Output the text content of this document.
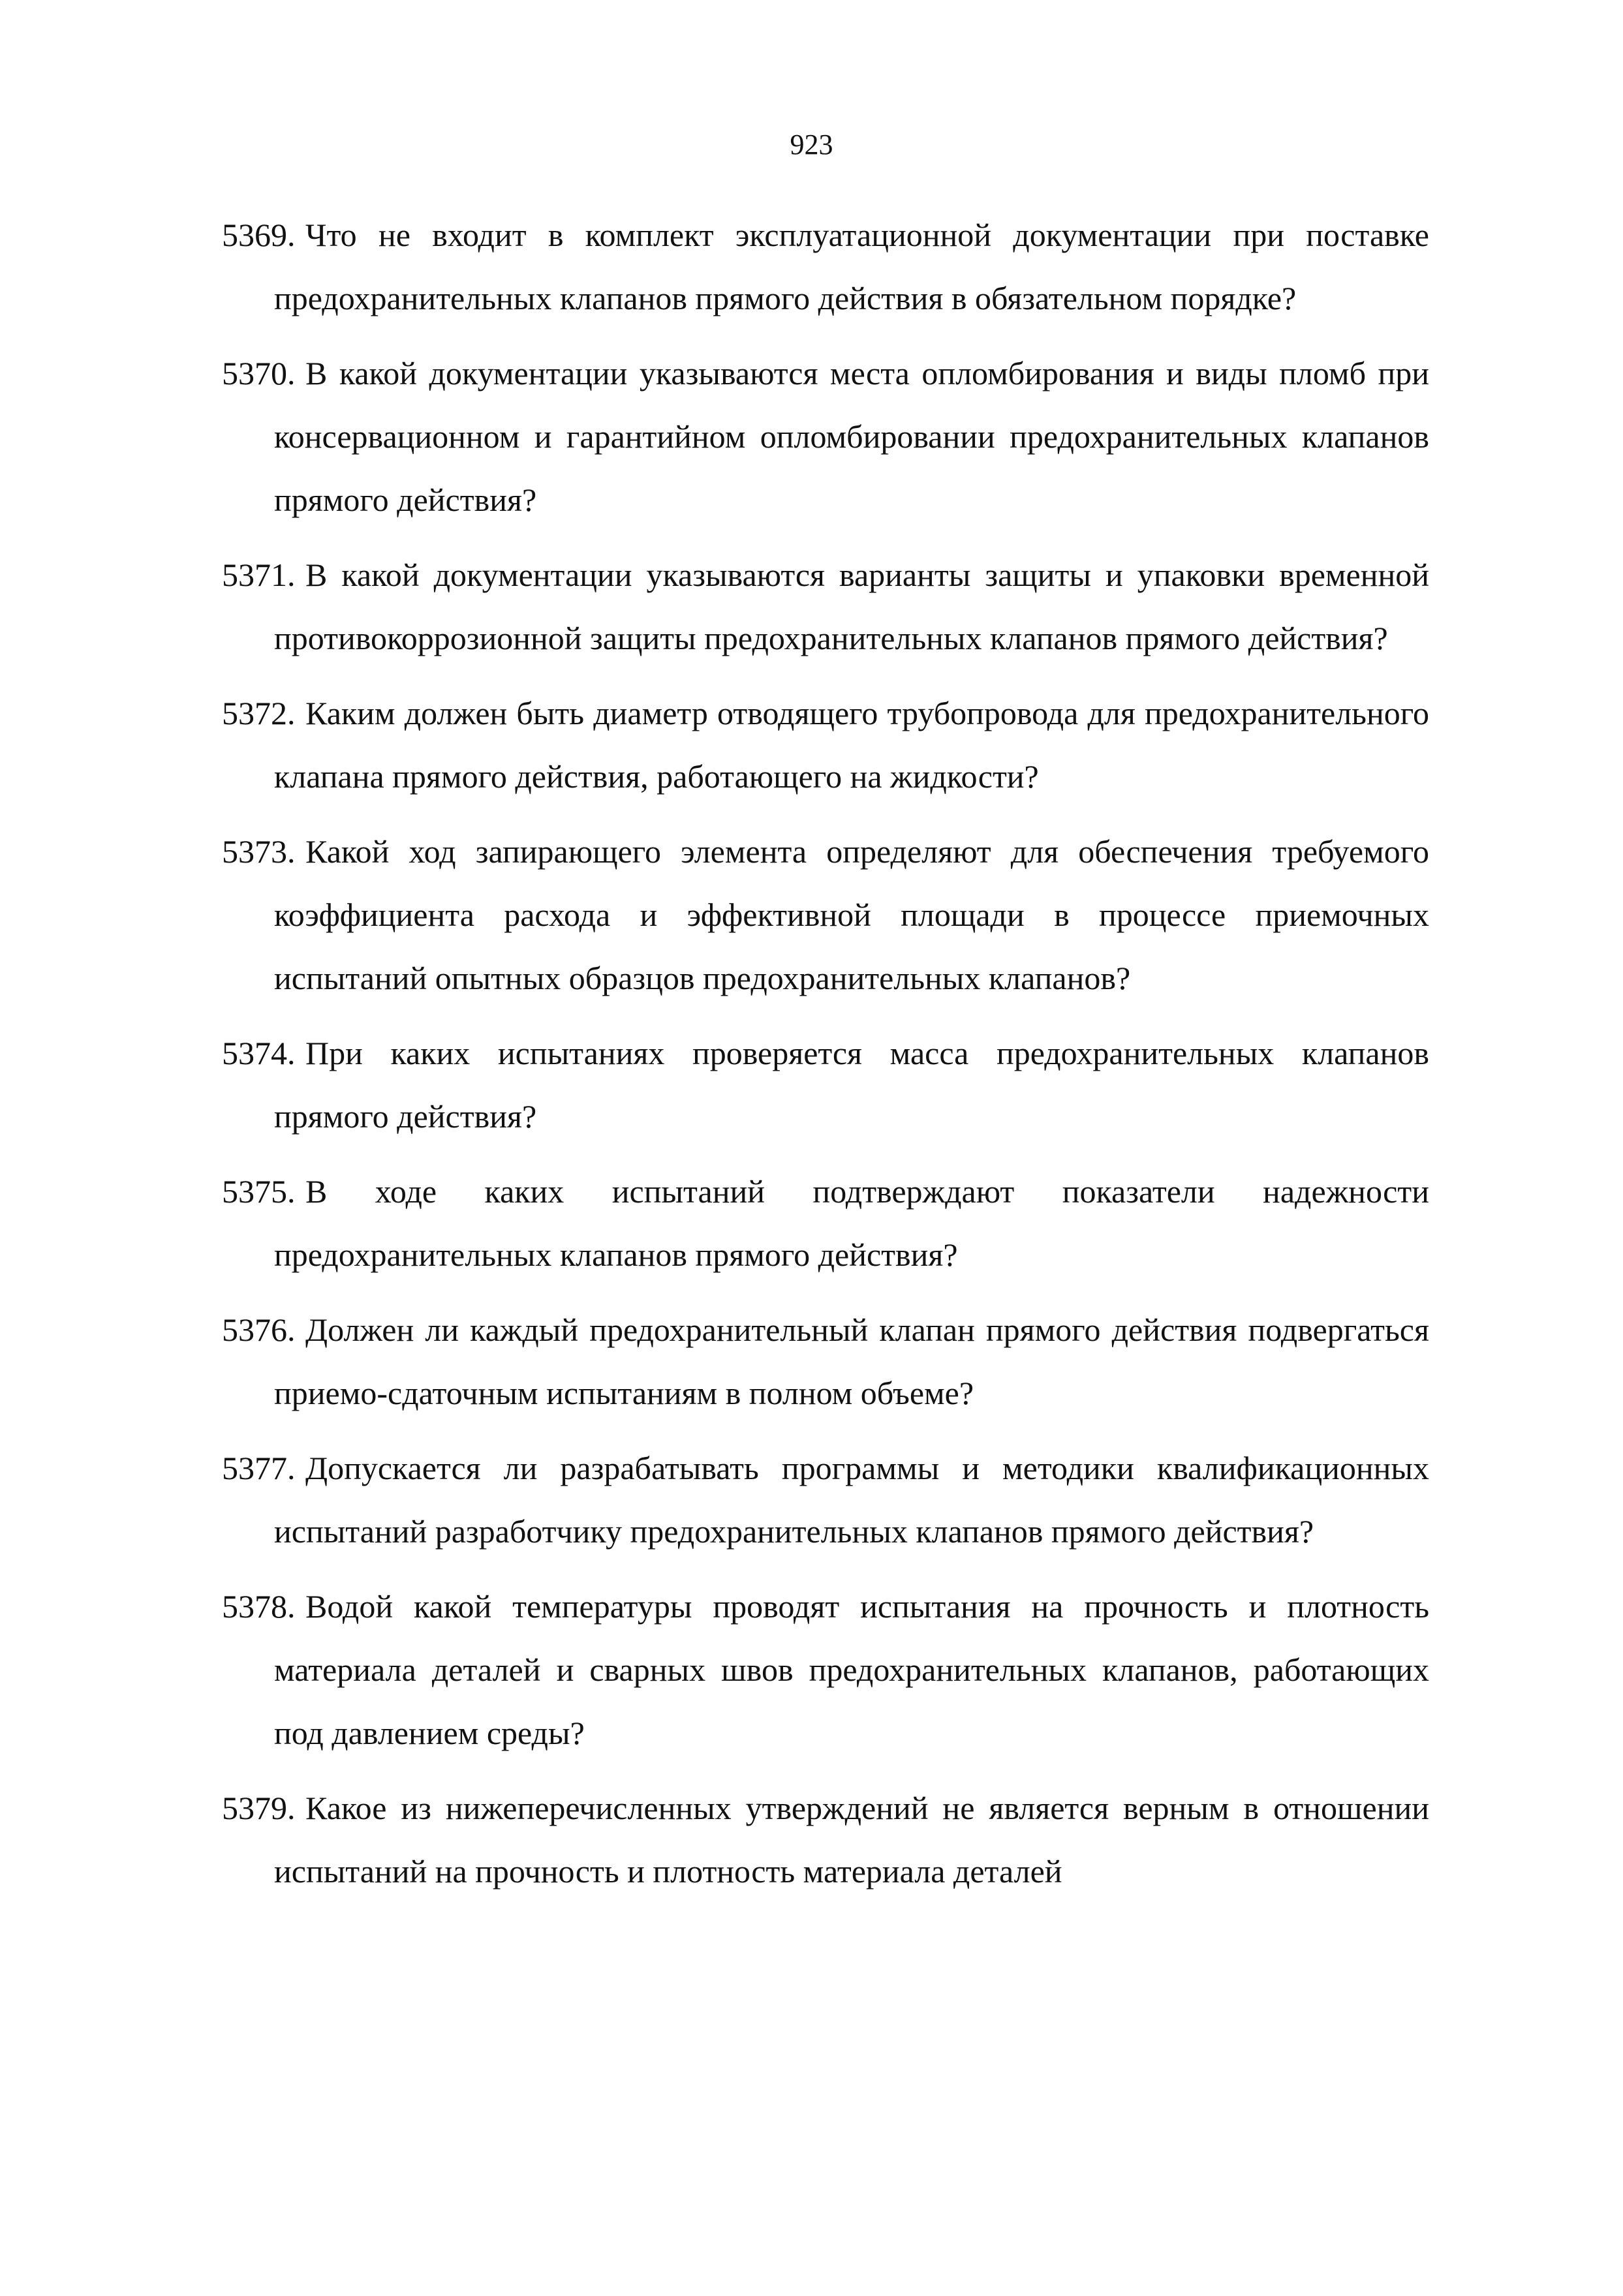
923
5369 . Что не входит в комплект эксплуатационной документации при поставке предохранительных клапанов прямого действия в обязательном порядке?
5370 . В какой документации указываются места опломбирования и виды пломб при консервационном и гарантийном опломбировании предохранительных клапанов прямого действия?
5371 . В какой документации указываются варианты защиты и упаковки временной противокоррозионной защиты предохранительных клапанов прямого действия?
5372 . Каким должен быть диаметр отводящего трубопровода для предохранительного клапана прямого действия, работающего на жидкости?
5373 . Какой ход запирающего элемента определяют для обеспечения требуемого коэффициента расхода и эффективной площади в процессе приемочных испытаний опытных образцов предохранительных клапанов?
5374 . При каких испытаниях проверяется масса предохранительных клапанов прямого действия?
5375 . В ходе каких испытаний подтверждают показатели надежности предохранительных клапанов прямого действия?
5376 . Должен ли каждый предохранительный клапан прямого действия подвергаться приемо-сдаточным испытаниям в полном объеме?
5377 . Допускается ли разрабатывать программы и методики квалификационных испытаний разработчику предохранительных клапанов прямого действия?
5378 . Водой какой температуры проводят испытания на прочность и плотность материала деталей и сварных швов предохранительных клапанов, работающих под давлением среды?
5379 . Какое из нижеперечисленных утверждений не является верным в отношении испытаний на прочность и плотность материала деталей
